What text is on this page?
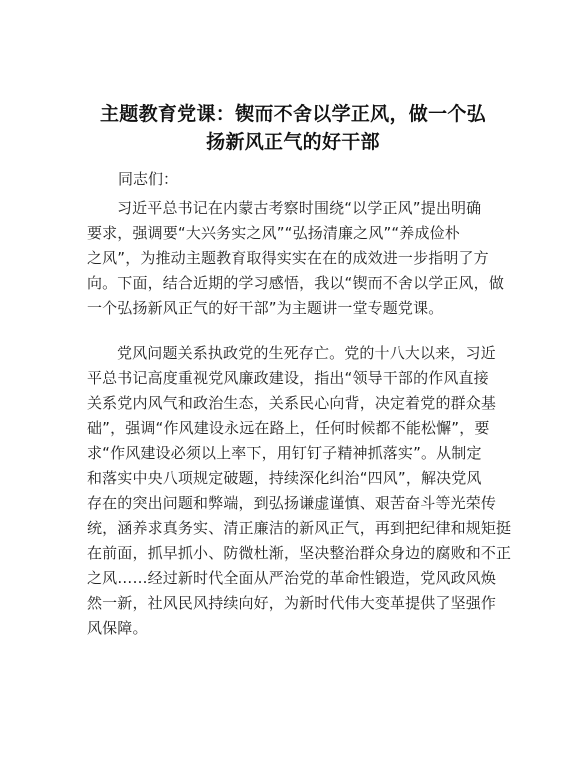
主题教育党课：锲而不舍以学正风，做一个弘
扬新风正气的好干部
同志们：
习近平总书记在内蒙古考察时围绕“以学正风”提出明确
要求，强调要“大兴务实之风”“弘扬清廉之风”“养成俭朴
之风”，为推动主题教育取得实实在在的成效进一步指明了方
向。下面，结合近期的学习感悟，我以“锲而不舍以学正风，做
一个弘扬新风正气的好干部”为主题讲一堂专题党课。
党风问题关系执政党的生死存亡。党的十八大以来，习近
平总书记高度重视党风廉政建设，指出“领导干部的作风直接
关系党内风气和政治生态，关系民心向背，决定着党的群众基
础”，强调“作风建设永远在路上，任何时候都不能松懈”，要
求“作风建设必须以上率下，用钉钉子精神抓落实”。从制定
和落实中央八项规定破题，持续深化纠治“四风”，解决党风
存在的突出问题和弊端，到弘扬谦虚谨慎、艰苦奋斗等光荣传
统，涵养求真务实、清正廉洁的新风正气，再到把纪律和规矩挺
在前面，抓早抓小、防微杜渐，坚决整治群众身边的腐败和不正
之风……经过新时代全面从严治党的革命性锻造，党风政风焕
然一新，社风民风持续向好，为新时代伟大变革提供了坚强作
风保障。
